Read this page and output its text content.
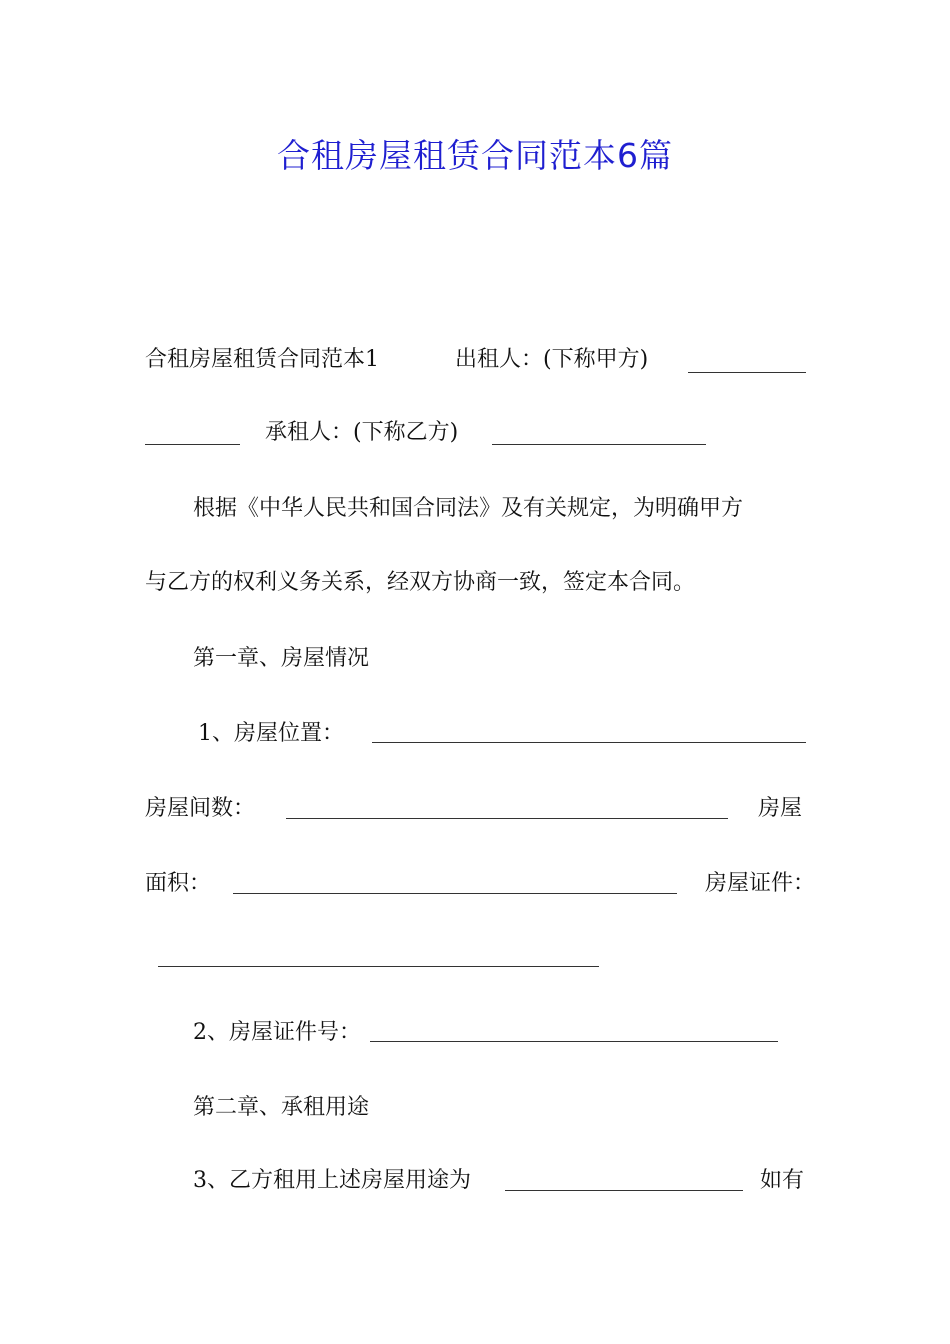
合租房屋租赁合同范本6篇
合租房屋租赁合同范本1	出租人：(下称甲方)
承租人：(下称乙方)
根据《中华人民共和国合同法》及有关规定，为明确甲方
与乙方的权利义务关系，经双方协商一致，签定本合同。
第一章、房屋情况
1、房屋位置：
房屋间数：	房屋
面积：	房屋证件：
2、房屋证件号：
第二章、承租用途
3、乙方租用上述房屋用途为	如有
